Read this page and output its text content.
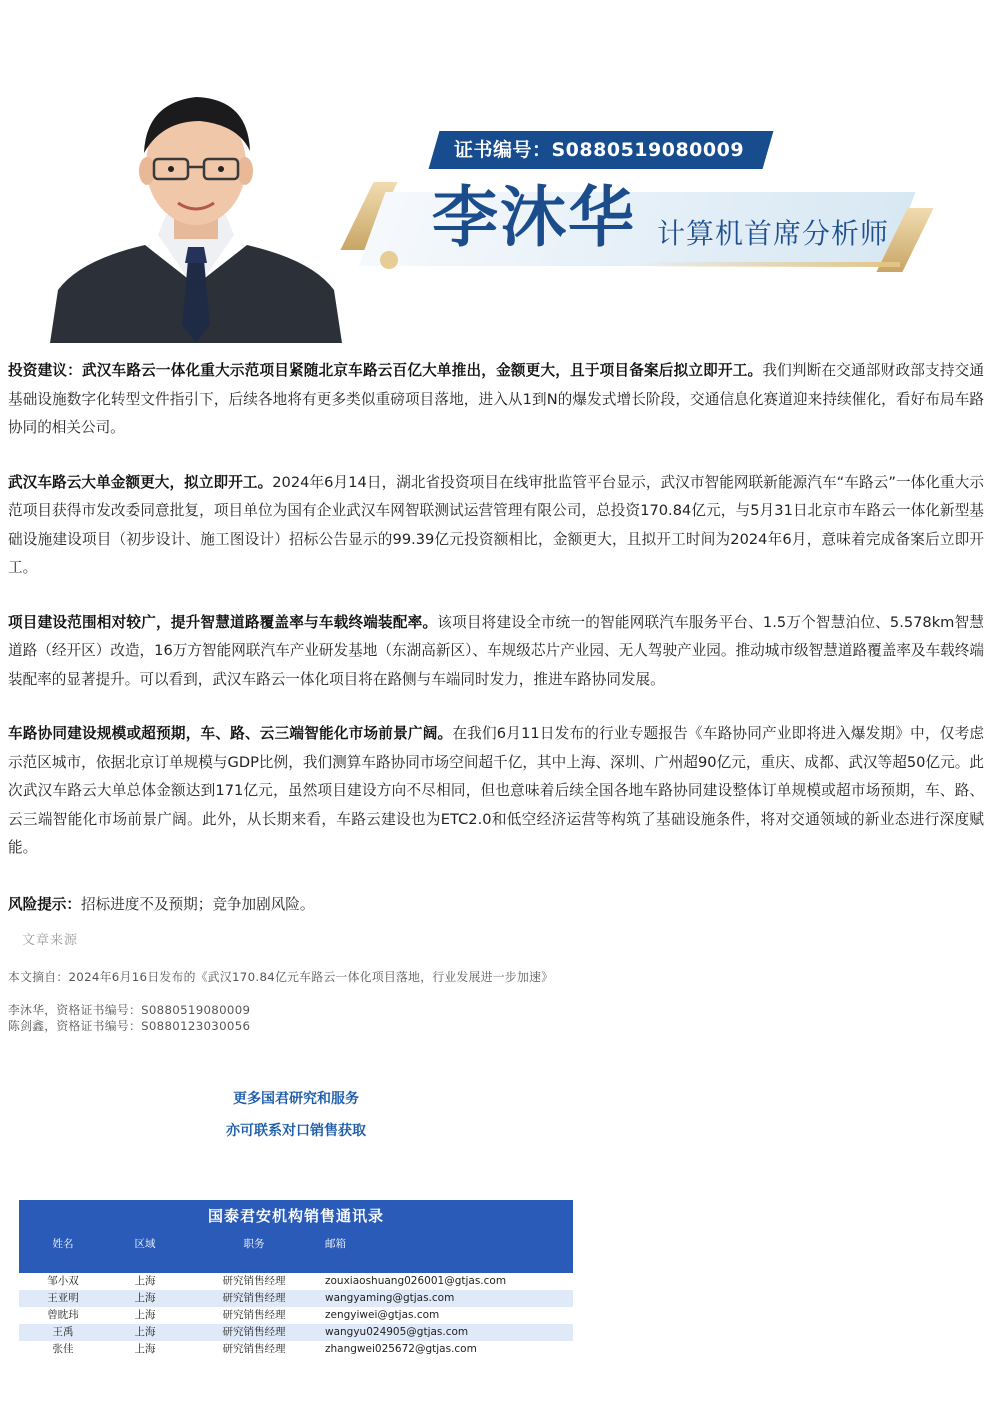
证书编号：S0880519080009
李沐华 计算机首席分析师

投资建议：武汉车路云一体化重大示范项目紧随北京车路云百亿大单推出，金额更大，且于项目备案后拟立即开工。我们判断在交通部财政部支持交通基础设施数字化转型文件指引下，后续各地将有更多类似重磅项目落地，进入从1到N的爆发式增长阶段，交通信息化赛道迎来持续催化，看好布局车路协同的相关公司。

武汉车路云大单金额更大，拟立即开工。2024年6月14日，湖北省投资项目在线审批监管平台显示，武汉市智能网联新能源汽车“车路云”一体化重大示范项目获得市发改委同意批复，项目单位为国有企业武汉车网智联测试运营管理有限公司，总投资170.84亿元，与5月31日北京市车路云一体化新型基础设施建设项目（初步设计、施工图设计）招标公告显示的99.39亿元投资额相比，金额更大，且拟开工时间为2024年6月，意味着完成备案后立即开工。

项目建设范围相对较广，提升智慧道路覆盖率与车载终端装配率。该项目将建设全市统一的智能网联汽车服务平台、1.5万个智慧泊位、5.578km智慧道路（经开区）改造，16万方智能网联汽车产业研发基地（东湖高新区）、车规级芯片产业园、无人驾驶产业园。推动城市级智慧道路覆盖率及车载终端装配率的显著提升。可以看到，武汉车路云一体化项目将在路侧与车端同时发力，推进车路协同发展。

车路协同建设规模或超预期，车、路、云三端智能化市场前景广阔。在我们6月11日发布的行业专题报告《车路协同产业即将进入爆发期》中，仅考虑示范区城市，依据北京订单规模与GDP比例，我们测算车路协同市场空间超千亿，其中上海、深圳、广州超90亿元，重庆、成都、武汉等超50亿元。此次武汉车路云大单总体金额达到171亿元，虽然项目建设方向不尽相同，但也意味着后续全国各地车路协同建设整体订单规模或超市场预期，车、路、云三端智能化市场前景广阔。此外，从长期来看，车路云建设也为ETC2.0和低空经济运营等构筑了基础设施条件，将对交通领域的新业态进行深度赋能。

风险提示：招标进度不及预期；竞争加剧风险。

文章来源
本文摘自：2024年6月16日发布的《武汉170.84亿元车路云一体化项目落地，行业发展进一步加速》
李沐华，资格证书编号：S0880519080009
陈剑鑫，资格证书编号：S0880123030056
更多国君研究和服务
亦可联系对口销售获取
国泰君安机构销售通讯录
姓名	区域	职务	邮箱
邹小双	上海	研究销售经理	zouxiaoshuang026001@gtjas.com
王亚明	上海	研究销售经理	wangyaming@gtjas.com
曾眈玮	上海	研究销售经理	zengyiwei@gtjas.com
王禹	上海	研究销售经理	wangyu024905@gtjas.com
张佳	上海	研究销售经理	zhangwei025672@gtjas.com
